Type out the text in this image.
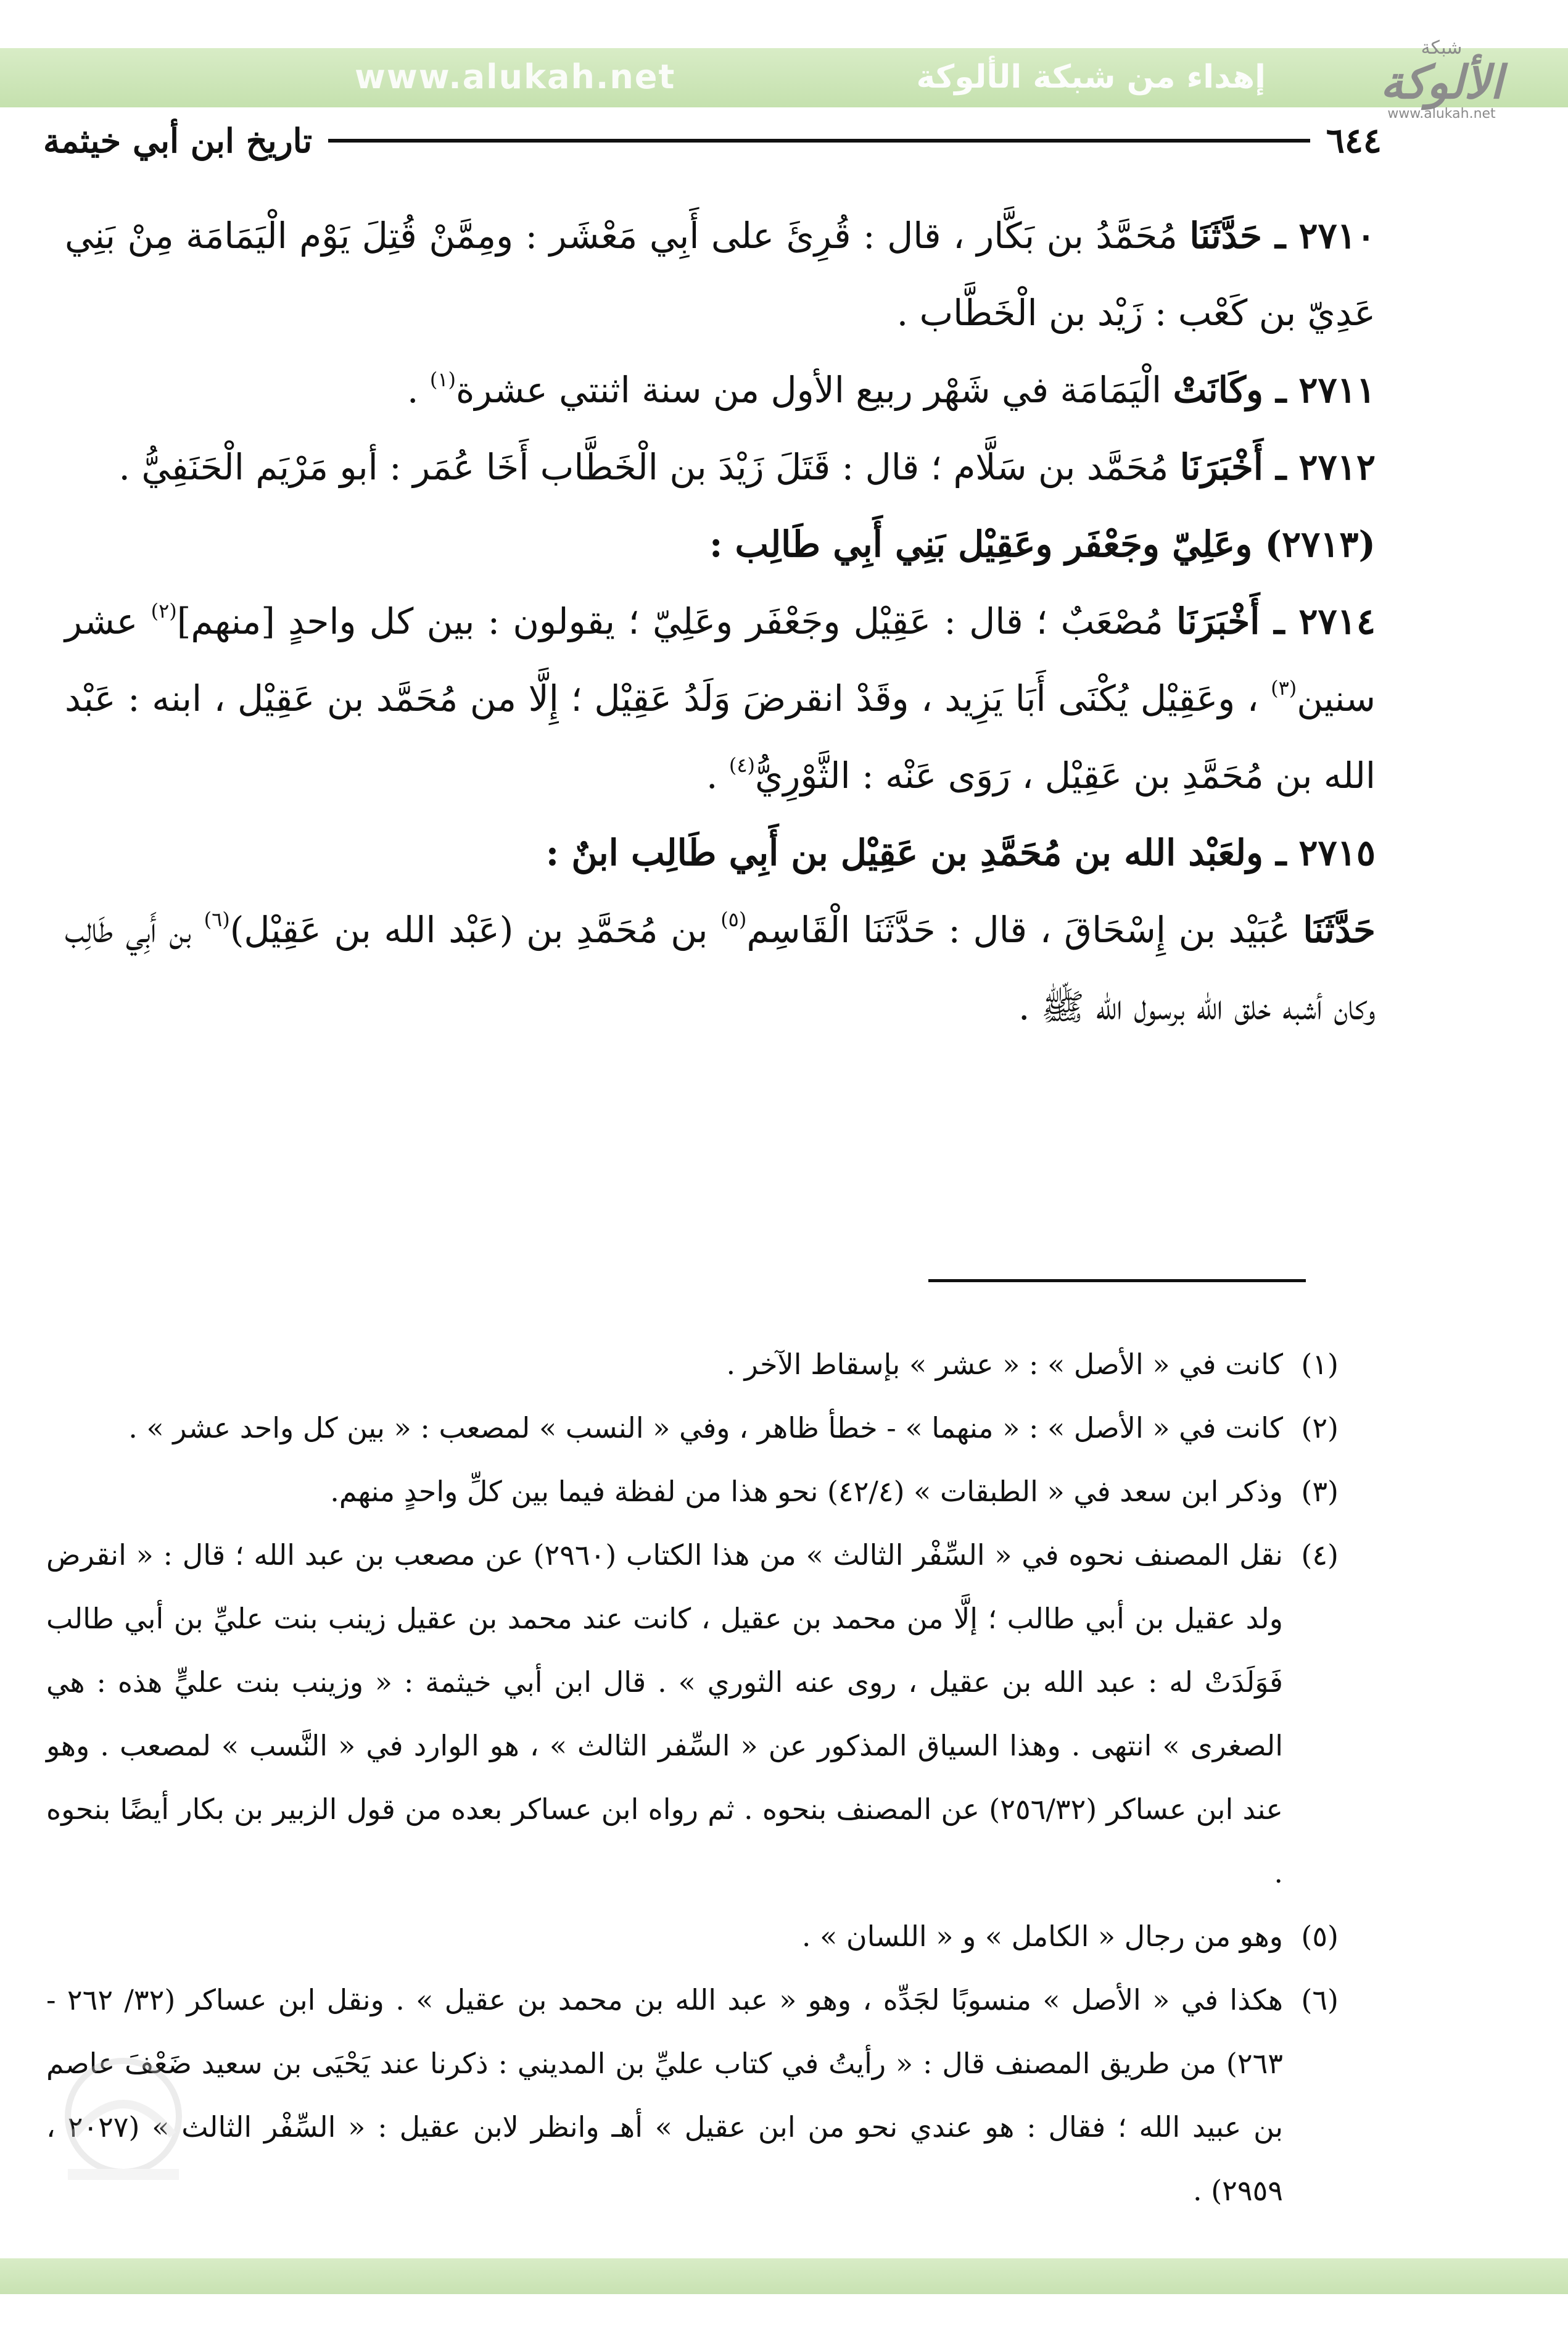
www.alukah.net	إهداء من شبكة الألوكة
شبكة
الألوكة
www.alukah.net
٦٤٤
تاريخ ابن أبي خيثمة

٢٧١٠ ـ حَدَّثَنَا مُحَمَّدُ بن بَكَّار ، قال : قُرِئَ على أَبِي مَعْشَر : ومِمَّنْ قُتِلَ يَوْم الْيَمَامَة مِنْ بَنِي عَدِيّ بن كَعْب : زَيْد بن الْخَطَّاب .

٢٧١١ ـ وكَانَتْ الْيَمَامَة في شَهْر ربيع الأول من سنة اثنتي عشرة$^{(١)}$ .

٢٧١٢ ـ أَخْبَرَنَا مُحَمَّد بن سَلَّام ؛ قال : قَتَلَ زَيْدَ بن الْخَطَّاب أَخَا عُمَر : أبو مَرْيَم الْحَنَفِيُّ .

(٢٧١٣) وعَلِيّ وجَعْفَر وعَقِيْل بَنِي أَبِي طَالِب :

٢٧١٤ ـ أَخْبَرَنَا مُصْعَبٌ ؛ قال : عَقِيْل وجَعْفَر وعَلِيّ ؛ يقولون : بين كل واحدٍ [منهم]$^{(٢)}$ عشر سنين$^{(٣)}$ ، وعَقِيْل يُكْنَى أَبَا يَزِيد ، وقَدْ انقرضَ وَلَدُ عَقِيْل ؛ إِلَّا من مُحَمَّد بن عَقِيْل ، ابنه : عَبْد الله بن مُحَمَّدِ بن عَقِيْل ، رَوَى عَنْه : الثَّوْرِيُّ$^{(٤)}$ .

٢٧١٥ ـ ولعَبْد الله بن مُحَمَّدِ بن عَقِيْل بن أَبِي طَالِب ابنٌ :

حَدَّثَنَا عُبَيْد بن إِسْحَاقَ ، قال : حَدَّثَنَا الْقَاسِم$^{(٥)}$ بن مُحَمَّدِ بن (عَبْد الله بن عَقِيْل)$^{(٦)}$ بن أَبِي طَالِب وكان أشبه خلق الله برسول الله ﷺ .

(١)
كانت في « الأصل » : « عشر » بإسقاط الآخر .

(٢)
كانت في « الأصل » : « منهما » - خطأ ظاهر ، وفي « النسب » لمصعب : « بين كل واحد عشر » .

(٣)
وذكر ابن سعد في « الطبقات » (٤٢/٤) نحو هذا من لفظة فيما بين كلِّ واحدٍ منهم.

(٤)
نقل المصنف نحوه في « السِّفْر الثالث » من هذا الكتاب (٢٩٦٠) عن مصعب بن عبد الله ؛ قال : « انقرض ولد عقيل بن أبي طالب ؛ إلَّا من محمد بن عقيل ، كانت عند محمد بن عقيل زينب بنت عليِّ بن أبي طالب فَوَلَدَتْ له : عبد الله بن عقيل ، روى عنه الثوري » . قال ابن أبي خيثمة : « وزينب بنت عليٍّ هذه : هي الصغرى » انتهى . وهذا السياق المذكور عن « السِّفر الثالث » ، هو الوارد في « النَّسب » لمصعب . وهو عند ابن عساكر (٢٥٦/٣٢) عن المصنف بنحوه . ثم رواه ابن عساكر بعده من قول الزبير بن بكار أيضًا بنحوه .

(٥)
وهو من رجال « الكامل » و « اللسان » .

(٦)
هكذا في « الأصل » منسوبًا لجَدِّه ، وهو « عبد الله بن محمد بن عقيل » . ونقل ابن عساكر (٣٢/ ٢٦٢ - ٢٦٣) من طريق المصنف قال : « رأيتُ في كتاب عليِّ بن المديني : ذكرنا عند يَحْيَى بن سعيد ضَعْفَ عاصم بن عبيد الله ؛ فقال : هو عندي نحو من ابن عقيل » أهـ وانظر لابن عقيل : « السِّفْر الثالث » (٢٠٢٧ ، ٢٩٥٩) .
